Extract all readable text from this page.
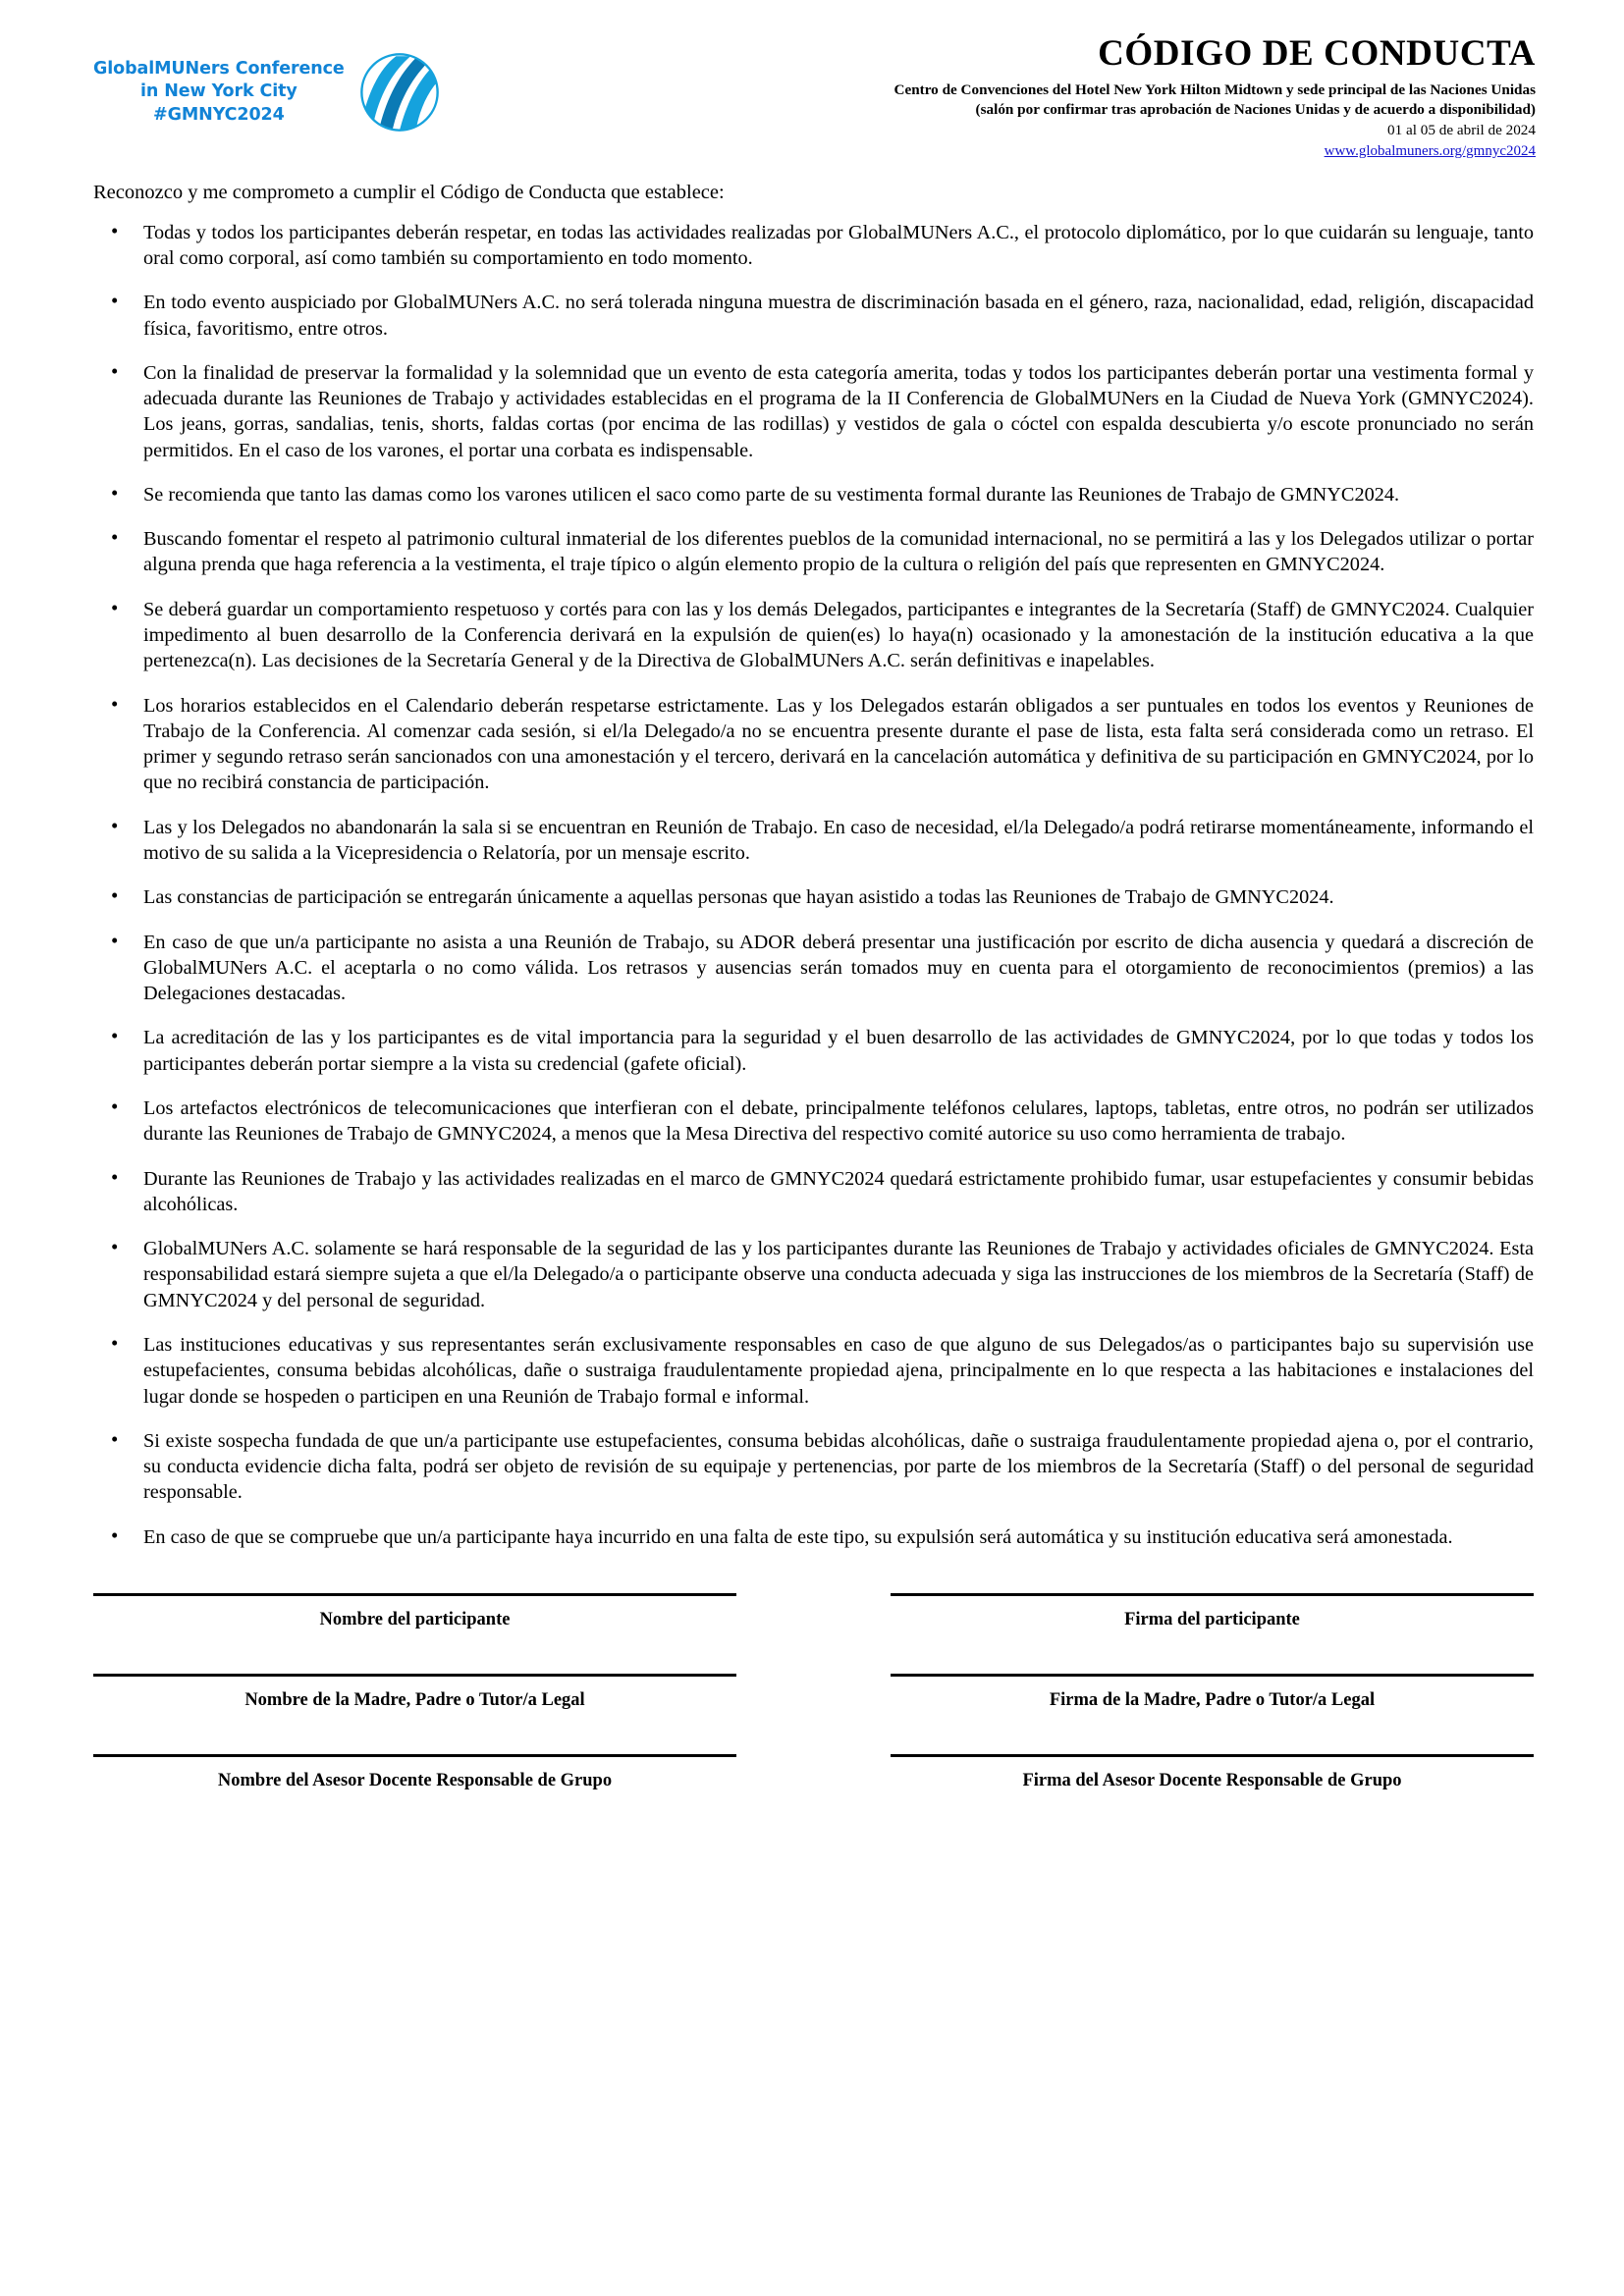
GlobalMUNers Conference
in New York City
#GMNYC2024
CÓDIGO DE CONDUCTA

Centro de Convenciones del Hotel New York Hilton Midtown y sede principal de las Naciones Unidas

(salón por confirmar tras aprobación de Naciones Unidas y de acuerdo a disponibilidad)

01 al 05 de abril de 2024

www.globalmuners.org/gmnyc2024

Reconozco y me comprometo a cumplir el Código de Conducta que establece:

• Todas y todos los participantes deberán respetar, en todas las actividades realizadas por GlobalMUNers A.C., el protocolo diplomático, por lo que cuidarán su lenguaje, tanto oral como corporal, así como también su comportamiento en todo momento.
• En todo evento auspiciado por GlobalMUNers A.C. no será tolerada ninguna muestra de discriminación basada en el género, raza, nacionalidad, edad, religión, discapacidad física, favoritismo, entre otros.
• Con la finalidad de preservar la formalidad y la solemnidad que un evento de esta categoría amerita, todas y todos los participantes deberán portar una vestimenta formal y adecuada durante las Reuniones de Trabajo y actividades establecidas en el programa de la II Conferencia de GlobalMUNers en la Ciudad de Nueva York (GMNYC2024). Los jeans, gorras, sandalias, tenis, shorts, faldas cortas (por encima de las rodillas) y vestidos de gala o cóctel con espalda descubierta y/o escote pronunciado no serán permitidos. En el caso de los varones, el portar una corbata es indispensable.
• Se recomienda que tanto las damas como los varones utilicen el saco como parte de su vestimenta formal durante las Reuniones de Trabajo de GMNYC2024.
• Buscando fomentar el respeto al patrimonio cultural inmaterial de los diferentes pueblos de la comunidad internacional, no se permitirá a las y los Delegados utilizar o portar alguna prenda que haga referencia a la vestimenta, el traje típico o algún elemento propio de la cultura o religión del país que representen en GMNYC2024.
• Se deberá guardar un comportamiento respetuoso y cortés para con las y los demás Delegados, participantes e integrantes de la Secretaría (Staff) de GMNYC2024. Cualquier impedimento al buen desarrollo de la Conferencia derivará en la expulsión de quien(es) lo haya(n) ocasionado y la amonestación de la institución educativa a la que pertenezca(n). Las decisiones de la Secretaría General y de la Directiva de GlobalMUNers A.C. serán definitivas e inapelables.
• Los horarios establecidos en el Calendario deberán respetarse estrictamente. Las y los Delegados estarán obligados a ser puntuales en todos los eventos y Reuniones de Trabajo de la Conferencia. Al comenzar cada sesión, si el/la Delegado/a no se encuentra presente durante el pase de lista, esta falta será considerada como un retraso. El primer y segundo retraso serán sancionados con una amonestación y el tercero, derivará en la cancelación automática y definitiva de su participación en GMNYC2024, por lo que no recibirá constancia de participación.
• Las y los Delegados no abandonarán la sala si se encuentran en Reunión de Trabajo. En caso de necesidad, el/la Delegado/a podrá retirarse momentáneamente, informando el motivo de su salida a la Vicepresidencia o Relatoría, por un mensaje escrito.
• Las constancias de participación se entregarán únicamente a aquellas personas que hayan asistido a todas las Reuniones de Trabajo de GMNYC2024.
• En caso de que un/a participante no asista a una Reunión de Trabajo, su ADOR deberá presentar una justificación por escrito de dicha ausencia y quedará a discreción de GlobalMUNers A.C. el aceptarla o no como válida. Los retrasos y ausencias serán tomados muy en cuenta para el otorgamiento de reconocimientos (premios) a las Delegaciones destacadas.
• La acreditación de las y los participantes es de vital importancia para la seguridad y el buen desarrollo de las actividades de GMNYC2024, por lo que todas y todos los participantes deberán portar siempre a la vista su credencial (gafete oficial).
• Los artefactos electrónicos de telecomunicaciones que interfieran con el debate, principalmente teléfonos celulares, laptops, tabletas, entre otros, no podrán ser utilizados durante las Reuniones de Trabajo de GMNYC2024, a menos que la Mesa Directiva del respectivo comité autorice su uso como herramienta de trabajo.
• Durante las Reuniones de Trabajo y las actividades realizadas en el marco de GMNYC2024 quedará estrictamente prohibido fumar, usar estupefacientes y consumir bebidas alcohólicas.
• GlobalMUNers A.C. solamente se hará responsable de la seguridad de las y los participantes durante las Reuniones de Trabajo y actividades oficiales de GMNYC2024. Esta responsabilidad estará siempre sujeta a que el/la Delegado/a o participante observe una conducta adecuada y siga las instrucciones de los miembros de la Secretaría (Staff) de GMNYC2024 y del personal de seguridad.
• Las instituciones educativas y sus representantes serán exclusivamente responsables en caso de que alguno de sus Delegados/as o participantes bajo su supervisión use estupefacientes, consuma bebidas alcohólicas, dañe o sustraiga fraudulentamente propiedad ajena, principalmente en lo que respecta a las habitaciones e instalaciones del lugar donde se hospeden o participen en una Reunión de Trabajo formal e informal.
• Si existe sospecha fundada de que un/a participante use estupefacientes, consuma bebidas alcohólicas, dañe o sustraiga fraudulentamente propiedad ajena o, por el contrario, su conducta evidencie dicha falta, podrá ser objeto de revisión de su equipaje y pertenencias, por parte de los miembros de la Secretaría (Staff) o del personal de seguridad responsable.
• En caso de que se compruebe que un/a participante haya incurrido en una falta de este tipo, su expulsión será automática y su institución educativa será amonestada.
Nombre del participante	Firma del participante
Nombre de la Madre, Padre o Tutor/a Legal	Firma de la Madre, Padre o Tutor/a Legal
Nombre del Asesor Docente Responsable de Grupo	Firma del Asesor Docente Responsable de Grupo
